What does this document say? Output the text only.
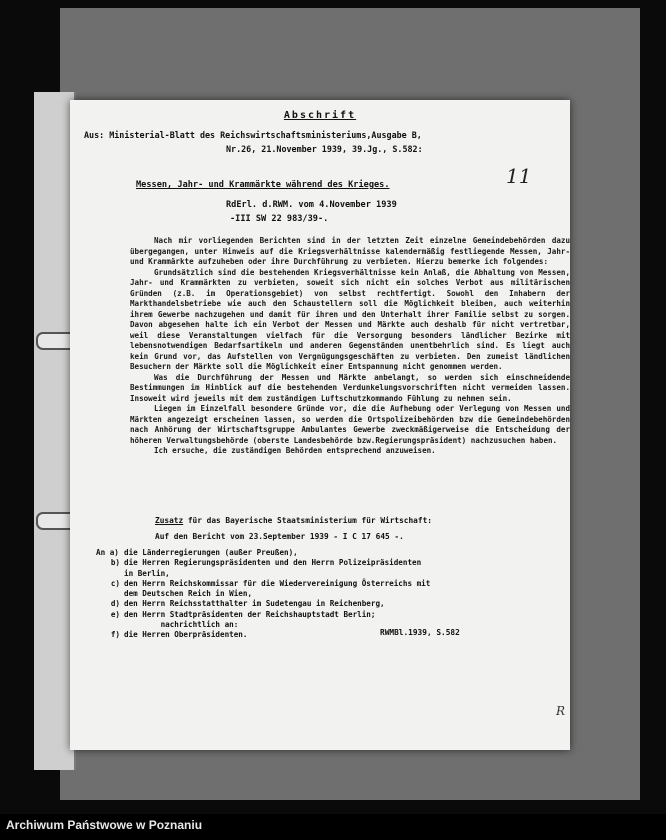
Abschrift
Aus: Ministerial-Blatt des Reichswirtschaftsministeriums,Ausgabe B,
Nr.26, 21.November 1939, 39.Jg., S.582:
Messen, Jahr- und Krammärkte während des Krieges.	11
RdErl. d.RWM. vom 4.November 1939
-III SW 22 983/39-.

Nach mir vorliegenden Berichten sind in der letzten Zeit einzelne Gemeindebehörden dazu übergegangen, unter Hinweis auf die Kriegsverhältnisse kalendermäßig festliegende Messen, Jahr- und Krammärkte aufzuheben oder ihre Durchführung zu verbieten. Hierzu bemerke ich folgendes:

Grundsätzlich sind die bestehenden Kriegsverhältnisse kein Anlaß, die Abhaltung von Messen, Jahr- und Krammärkten zu verbieten, soweit sich nicht ein solches Verbot aus militärischen Gründen (z.B. im Operationsgebiet) von selbst rechtfertigt. Sowohl den Inhabern der Markthandelsbetriebe wie auch den Schaustellern soll die Möglichkeit bleiben, auch weiterhin ihrem Gewerbe nachzugehen und damit für ihren und den Unterhalt ihrer Familie selbst zu sorgen. Davon abgesehen halte ich ein Verbot der Messen und Märkte auch deshalb für nicht vertretbar, weil diese Veranstaltungen vielfach für die Versorgung besonders ländlicher Bezirke mit lebensnotwendigen Bedarfsartikeln und anderen Gegenständen unentbehrlich sind. Es liegt auch kein Grund vor, das Aufstellen von Vergnügungsgeschäften zu verbieten. Den zumeist ländlichen Besuchern der Märkte soll die Möglichkeit einer Entspannung nicht genommen werden.

Was die Durchführung der Messen und Märkte anbelangt, so werden sich einschneidende Bestimmungen im Hinblick auf die bestehenden Verdunkelungsvorschriften nicht vermeiden lassen. Insoweit wird jeweils mit dem zuständigen Luftschutzkommando Fühlung zu nehmen sein.

Liegen im Einzelfall besondere Gründe vor, die die Aufhebung oder Verlegung von Messen und Märkten angezeigt erscheinen lassen, so werden die Ortspolizeibehörden bzw die Gemeindebehörden nach Anhörung der Wirtschaftsgruppe Ambulantes Gewerbe zweckmäßigerweise die Entscheidung der höheren Verwaltungsbehörde (oberste Landesbehörde bzw.Regierungspräsident) nachzusuchen haben.

Ich ersuche, die zuständigen Behörden entsprechend anzuweisen.

Zusatz für das Bayerische Staatsministerium für Wirtschaft:
Auf den Bericht vom 23.September 1939 - I C 17 645 -.
An a) die Länderregierungen (außer Preußen),
b) die Herren Regierungspräsidenten und den Herrn Polizeipräsidenten
in Berlin,
c) den Herrn Reichskommissar für die Wiedervereinigung Österreichs mit
dem Deutschen Reich in Wien,
d) den Herrn Reichsstatthalter im Sudetengau in Reichenberg,
e) den Herrn Stadtpräsidenten der Reichshauptstadt Berlin;
nachrichtlich an:
f) die Herren Oberpräsidenten.	RWMBl.1939, S.582
R
Archiwum Państwowe w Poznaniu
